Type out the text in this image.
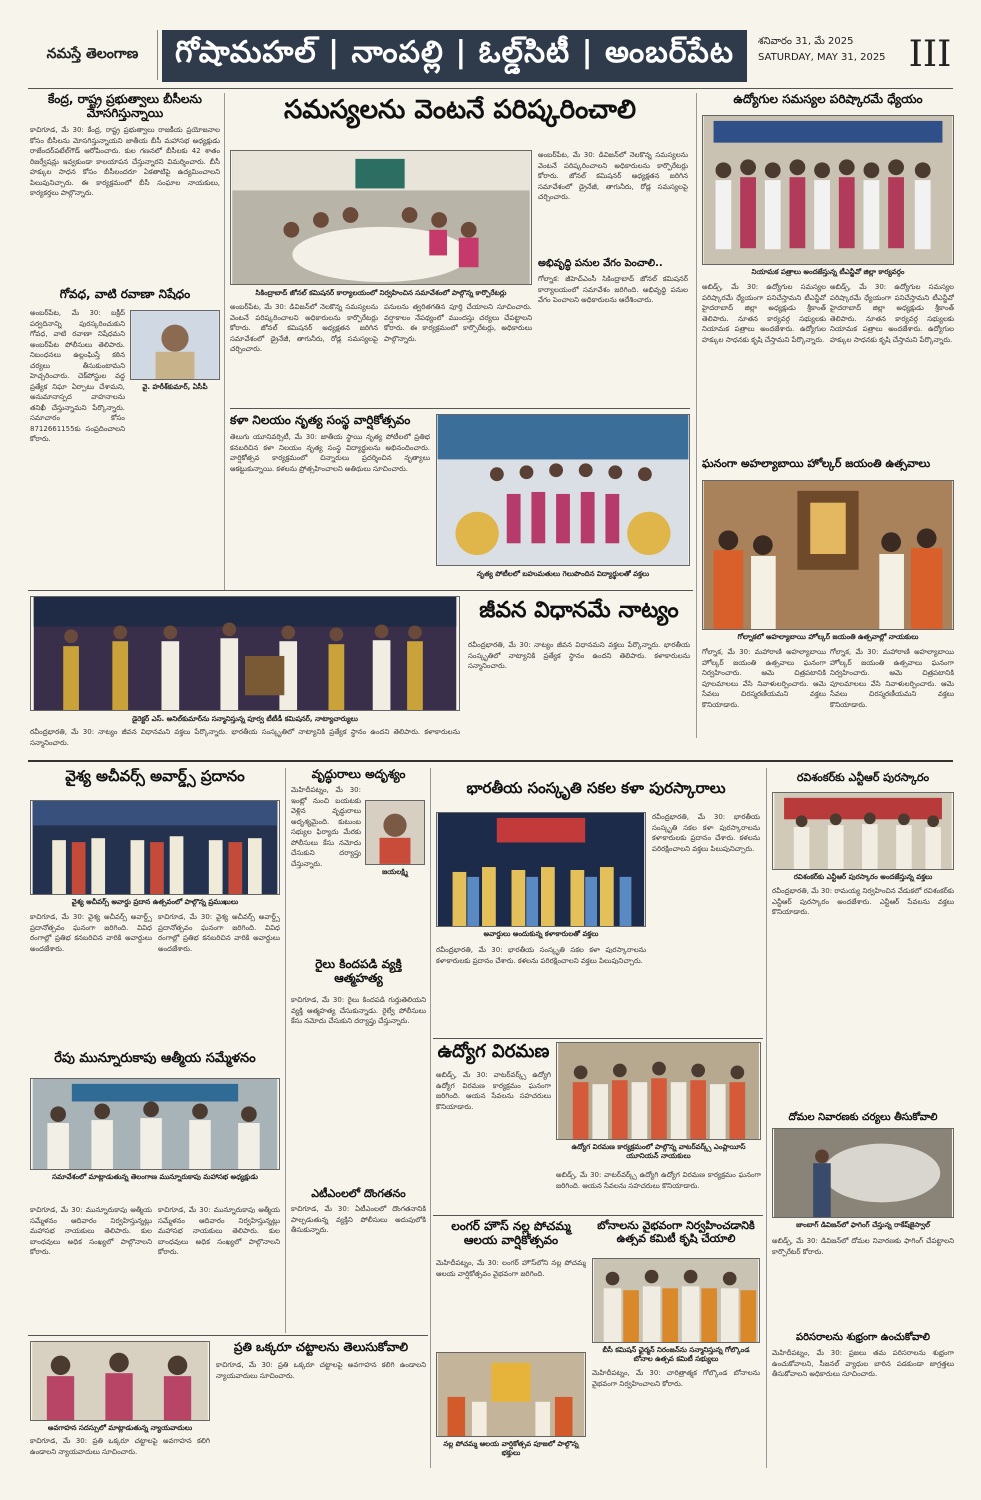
నమస్తే తెలంగాణ	గోషామహల్ | నాంపల్లి | ఓల్డ్‌సిటీ | అంబర్‌పేట	శనివారం 31, మే 2025
SATURDAY, MAY 31, 2025 III
కేంద్ర, రాష్ట్ర ప్రభుత్వాలు బీసీలను మోసగిస్తున్నాయి
కాచిగూడ, మే 30: కేంద్ర, రాష్ట్ర ప్రభుత్వాలు రాజకీయ ప్రయోజనాల కోసం బీసీలను మోసగిస్తున్నాయని జాతీయ బీసీ మహాసభ అధ్యక్షుడు రాజేందర్‌పటేల్‌గౌడ్ ఆరోపించారు. కుల గణనలో బీసీలకు 42 శాతం రిజర్వేషన్లు ఇవ్వకుండా కాలయాపన చేస్తున్నారని విమర్శించారు. బీసీ హక్కుల సాధన కోసం బీసీలందరూ ఏకతాటిపై ఉద్యమించాలని పిలుపునిచ్చారు. ఈ కార్యక్రమంలో బీసీ సంఘాల నాయకులు, కార్యకర్తలు పాల్గొన్నారు.
గోవధ, వాటి రవాణా నిషేధం
అంబర్‌పేట, మే 30: బక్రీద్ పర్వదినాన్ని పురస్కరించుకుని గోవధ, వాటి రవాణా నిషేధమని అంబర్‌పేట పోలీసులు తెలిపారు. నిబంధనలు ఉల్లంఘిస్తే కఠిన చర్యలు తీసుకుంటామని హెచ్చరించారు. చెక్‌పోస్టుల వద్ద ప్రత్యేక నిఘా ఏర్పాటు చేశామని, అనుమానాస్పద వాహనాలను తనిఖీ చేస్తున్నామని పేర్కొన్నారు. సమాచారం కోసం 8712661155కు సంప్రదించాలని కోరారు.
వై. హరీశ్‌కుమార్, ఏసీపీ
సమస్యలను వెంటనే పరిష్కరించాలి
సికింద్రాబాద్ జోనల్ కమిషనర్ కార్యాలయంలో నిర్వహించిన సమావేశంలో పాల్గొన్న కార్పొరేటర్లు
అంబర్‌పేట, మే 30: డివిజన్‌లో నెలకొన్న సమస్యలను వెంటనే పరిష్కరించాలని అధికారులను కార్పొరేటర్లు కోరారు. జోనల్ కమిషనర్ అధ్యక్షతన జరిగిన సమావేశంలో డ్రైనేజీ, తాగునీరు, రోడ్ల సమస్యలపై చర్చించారు.
పనులను త్వరితగతిన పూర్తి చేయాలని సూచించారు. వర్షాకాలం నేపథ్యంలో ముందస్తు చర్యలు చేపట్టాలని కోరారు. ఈ కార్యక్రమంలో కార్పొరేటర్లు, అధికారులు పాల్గొన్నారు.
అంబర్‌పేట, మే 30: డివిజన్‌లో నెలకొన్న సమస్యలను వెంటనే పరిష్కరించాలని అధికారులను కార్పొరేటర్లు కోరారు. జోనల్ కమిషనర్ అధ్యక్షతన జరిగిన సమావేశంలో డ్రైనేజీ, తాగునీరు, రోడ్ల సమస్యలపై చర్చించారు.
అభివృద్ధి పనుల వేగం పెంచాలి..
గోల్నాక: జీహెచ్‌ఎంసీ సికింద్రాబాద్ జోనల్ కమిషనర్ కార్యాలయంలో సమావేశం జరిగింది. అభివృద్ధి పనుల వేగం పెంచాలని అధికారులను ఆదేశించారు.
కళా నిలయం నృత్య సంస్థ వార్షికోత్సవం
తెలుగు యూనివర్సిటీ, మే 30: జాతీయ స్థాయి నృత్య పోటీలలో ప్రతిభ కనబరిచిన కళా నిలయం నృత్య సంస్థ విద్యార్థులను అభినందించారు. వార్షికోత్సవ కార్యక్రమంలో చిన్నారులు ప్రదర్శించిన నృత్యాలు ఆకట్టుకున్నాయి. కళలను ప్రోత్సహించాలని అతిథులు సూచించారు.
నృత్య పోటీలలో బహుమతులు గెలుపొందిన విద్యార్థులతో వక్తలు
ఉద్యోగుల సమస్యల పరిష్కారమే ధ్యేయం
నియామక పత్రాలు అందజేస్తున్న టీఎన్జీవో జిల్లా కార్యవర్గం
అబిడ్స్, మే 30: ఉద్యోగుల సమస్యల పరిష్కారమే ధ్యేయంగా పనిచేస్తామని టీఎన్జీవో హైదరాబాద్ జిల్లా అధ్యక్షుడు శ్రీకాంత్ తెలిపారు. నూతన కార్యవర్గ సభ్యులకు నియామక పత్రాలు అందజేశారు. ఉద్యోగుల హక్కుల సాధనకు కృషి చేస్తామని పేర్కొన్నారు.
అబిడ్స్, మే 30: ఉద్యోగుల సమస్యల పరిష్కారమే ధ్యేయంగా పనిచేస్తామని టీఎన్జీవో హైదరాబాద్ జిల్లా అధ్యక్షుడు శ్రీకాంత్ తెలిపారు. నూతన కార్యవర్గ సభ్యులకు నియామక పత్రాలు అందజేశారు. ఉద్యోగుల హక్కుల సాధనకు కృషి చేస్తామని పేర్కొన్నారు.
ఘనంగా అహల్యాబాయి హోల్కర్ జయంతి ఉత్సవాలు
గోల్నాకలో అహల్యాబాయి హోల్కర్ జయంతి ఉత్సవాల్లో నాయకులు
గోల్నాక, మే 30: మహారాణి అహల్యాబాయి హోల్కర్ జయంతి ఉత్సవాలు ఘనంగా నిర్వహించారు. ఆమె చిత్రపటానికి పూలమాలలు వేసి నివాళులర్పించారు. ఆమె సేవలు చిరస్మరణీయమని వక్తలు కొనియాడారు.
గోల్నాక, మే 30: మహారాణి అహల్యాబాయి హోల్కర్ జయంతి ఉత్సవాలు ఘనంగా నిర్వహించారు. ఆమె చిత్రపటానికి పూలమాలలు వేసి నివాళులర్పించారు. ఆమె సేవలు చిరస్మరణీయమని వక్తలు కొనియాడారు.
జీవన విధానమే నాట్యం
రవీంద్రభారతి, మే 30: నాట్యం జీవన విధానమని వక్తలు పేర్కొన్నారు. భారతీయ సంస్కృతిలో నాట్యానికి ప్రత్యేక స్థానం ఉందని తెలిపారు. కళాకారులను సన్మానించారు.
డైరెక్టర్ ఎస్. అనిల్‌కుమార్‌ను సన్మానిస్తున్న పూర్వ టీటీడీ కమిషనర్, నాట్యాచార్యులు
రవీంద్రభారతి, మే 30: నాట్యం జీవన విధానమని వక్తలు పేర్కొన్నారు. భారతీయ సంస్కృతిలో నాట్యానికి ప్రత్యేక స్థానం ఉందని తెలిపారు. కళాకారులను సన్మానించారు.
వైశ్య అచీవర్స్ అవార్డ్స్ ప్రదానం
వైశ్య అచీవర్స్ అవార్డు ప్రదాన ఉత్సవంలో పాల్గొన్న ప్రముఖులు
కాచిగూడ, మే 30: వైశ్య అచీవర్స్ అవార్డ్స్ ప్రదానోత్సవం ఘనంగా జరిగింది. వివిధ రంగాల్లో ప్రతిభ కనబరిచిన వారికి అవార్డులు అందజేశారు.
కాచిగూడ, మే 30: వైశ్య అచీవర్స్ అవార్డ్స్ ప్రదానోత్సవం ఘనంగా జరిగింది. వివిధ రంగాల్లో ప్రతిభ కనబరిచిన వారికి అవార్డులు అందజేశారు.
రేపు మున్నూరుకాపు ఆత్మీయ సమ్మేళనం
సమావేశంలో మాట్లాడుతున్న తెలంగాణ మున్నూరుకాపు మహాసభ అధ్యక్షుడు
కాచిగూడ, మే 30: మున్నూరుకాపు ఆత్మీయ సమ్మేళనం ఆదివారం నిర్వహిస్తున్నట్లు మహాసభ నాయకులు తెలిపారు. కుల బాంధవులు అధిక సంఖ్యలో పాల్గొనాలని కోరారు.
కాచిగూడ, మే 30: మున్నూరుకాపు ఆత్మీయ సమ్మేళనం ఆదివారం నిర్వహిస్తున్నట్లు మహాసభ నాయకులు తెలిపారు. కుల బాంధవులు అధిక సంఖ్యలో పాల్గొనాలని కోరారు.
అవగాహన సదస్సులో మాట్లాడుతున్న న్యాయవాదులు
ప్రతి ఒక్కరూ చట్టాలను తెలుసుకోవాలి
కాచిగూడ, మే 30: ప్రతి ఒక్కరూ చట్టాలపై అవగాహన కలిగి ఉండాలని న్యాయవాదులు సూచించారు.
కాచిగూడ, మే 30: ప్రతి ఒక్కరూ చట్టాలపై అవగాహన కలిగి ఉండాలని న్యాయవాదులు సూచించారు.
వృద్ధురాలు అదృశ్యం
మెహిదీపట్నం, మే 30: ఇంట్లో నుంచి బయటకు వెళ్లిన వృద్ధురాలు అదృశ్యమైంది. కుటుంబ సభ్యుల ఫిర్యాదు మేరకు పోలీసులు కేసు నమోదు చేసుకుని దర్యాప్తు చేస్తున్నారు.
జయలక్ష్మి
రైలు కిందపడి వ్యక్తి ఆత్మహత్య
కాచిగూడ, మే 30: రైలు కిందపడి గుర్తుతెలియని వ్యక్తి ఆత్మహత్య చేసుకున్నాడు. రైల్వే పోలీసులు కేసు నమోదు చేసుకుని దర్యాప్తు చేస్తున్నారు.
ఎటీఎంలలో దొంగతనం
కాచిగూడ, మే 30: ఏటీఎంలలో దొంగతనానికి పాల్పడుతున్న వ్యక్తిని పోలీసులు అదుపులోకి తీసుకున్నారు.
భారతీయ సంస్కృతి సకల కళా పురస్కారాలు
అవార్డులు అందుకున్న కళాకారులతో వక్తలు
రవీంద్రభారతి, మే 30: భారతీయ సంస్కృతి సకల కళా పురస్కారాలను కళాకారులకు ప్రదానం చేశారు. కళలను పరిరక్షించాలని వక్తలు పిలుపునిచ్చారు.
రవీంద్రభారతి, మే 30: భారతీయ సంస్కృతి సకల కళా పురస్కారాలను కళాకారులకు ప్రదానం చేశారు. కళలను పరిరక్షించాలని వక్తలు పిలుపునిచ్చారు.
ఉద్యోగ విరమణ
అబిడ్స్, మే 30: వాటర్‌వర్క్స్ ఉద్యోగి ఉద్యోగ విరమణ కార్యక్రమం ఘనంగా జరిగింది. ఆయన సేవలను సహచరులు కొనియాడారు.
ఉద్యోగ విరమణ కార్యక్రమంలో పాల్గొన్న వాటర్‌వర్క్స్ ఎంప్లాయీస్ యూనియన్ నాయకులు
అబిడ్స్, మే 30: వాటర్‌వర్క్స్ ఉద్యోగి ఉద్యోగ విరమణ కార్యక్రమం ఘనంగా జరిగింది. ఆయన సేవలను సహచరులు కొనియాడారు.
లంగర్ హౌస్ నల్ల పోచమ్మ ఆలయ వార్షికోత్సవం
మెహిదీపట్నం, మే 30: లంగర్ హౌస్‌లోని నల్ల పోచమ్మ ఆలయ వార్షికోత్సవం వైభవంగా జరిగింది.
నల్ల పోచమ్మ ఆలయ వార్షికోత్సవ పూజలో పాల్గొన్న భక్తులు
బోనాలను వైభవంగా నిర్వహించడానికి ఉత్సవ కమిటీ కృషి చేయాలి
బీసీ కమిషన్ ఛైర్మన్ నిరంజన్‌ను సన్మానిస్తున్న గోల్కొండ బోనాల ఉత్సవ కమిటీ సభ్యులు
మెహిదీపట్నం, మే 30: చారిత్రాత్మక గోల్కొండ బోనాలను వైభవంగా నిర్వహించాలని కోరారు.
రవిశంకర్‌కు ఎన్టీఆర్ పురస్కారం
రవిశంకర్‌కు ఎన్టీఆర్ పురస్కారం అందజేస్తున్న వక్తలు
రవీంద్రభారతి, మే 30: రామయ్య నిర్వహించిన వేడుకలో రవిశంకర్‌కు ఎన్టీఆర్ పురస్కారం అందజేశారు. ఎన్టీఆర్ సేవలను వక్తలు కొనియాడారు.
దోమల నివారణకు చర్యలు తీసుకోవాలి
జాంబాగ్ డివిజన్‌లో ఫాగింగ్ చేస్తున్న రాకేష్‌జైస్వాల్
అబిడ్స్, మే 30: డివిజన్‌లో దోమల నివారణకు ఫాగింగ్ చేపట్టాలని కార్పొరేటర్ కోరారు.
పరిసరాలను శుభ్రంగా ఉంచుకోవాలి
మెహిదీపట్నం, మే 30: ప్రజలు తమ పరిసరాలను శుభ్రంగా ఉంచుకోవాలని, సీజనల్ వ్యాధుల బారిన పడకుండా జాగ్రత్తలు తీసుకోవాలని అధికారులు సూచించారు.
